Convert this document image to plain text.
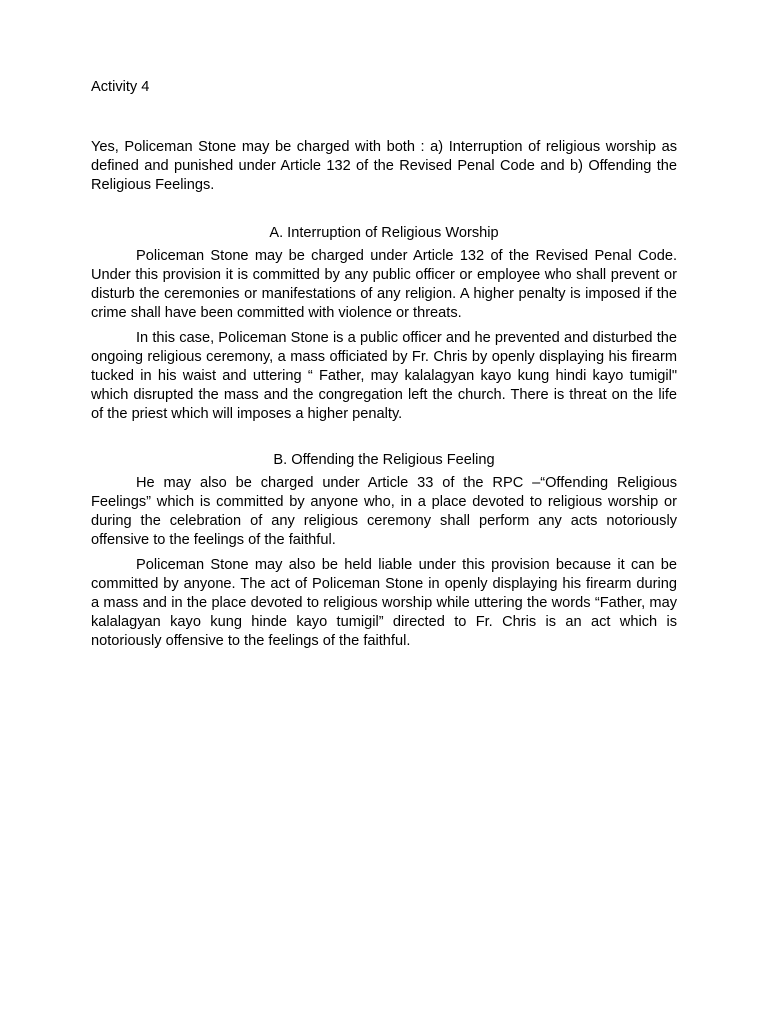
Activity 4

Yes, Policeman Stone may be charged with both : a) Interruption of religious worship as defined and punished under Article 132 of the Revised Penal Code and b) Offending the Religious Feelings.

A. Interruption of Religious Worship

Policeman Stone may be charged under Article 132 of the Revised Penal Code. Under this provision it is committed by any public officer or employee who shall prevent or disturb the ceremonies or manifestations of any religion. A higher penalty is imposed if the crime shall have been committed with violence or threats.

In this case, Policeman Stone is a public officer and he prevented and disturbed the ongoing religious ceremony, a mass officiated by Fr. Chris by openly displaying his firearm tucked in his waist and uttering “ Father, may kalalagyan kayo kung hindi kayo tumigil" which disrupted the mass and the congregation left the church. There is threat on the life of the priest which will imposes a higher penalty.

B. Offending the Religious Feeling

He may also be charged under Article 33 of the RPC –“Offending Religious Feelings” which is committed by anyone who, in a place devoted to religious worship or during the celebration of any religious ceremony shall perform any acts notoriously offensive to the feelings of the faithful.

Policeman Stone may also be held liable under this provision because it can be committed by anyone. The act of Policeman Stone in openly displaying his firearm during a mass and in the place devoted to religious worship while uttering the words “Father, may kalalagyan kayo kung hinde kayo tumigil” directed to Fr. Chris is an act which is notoriously offensive to the feelings of the faithful.
